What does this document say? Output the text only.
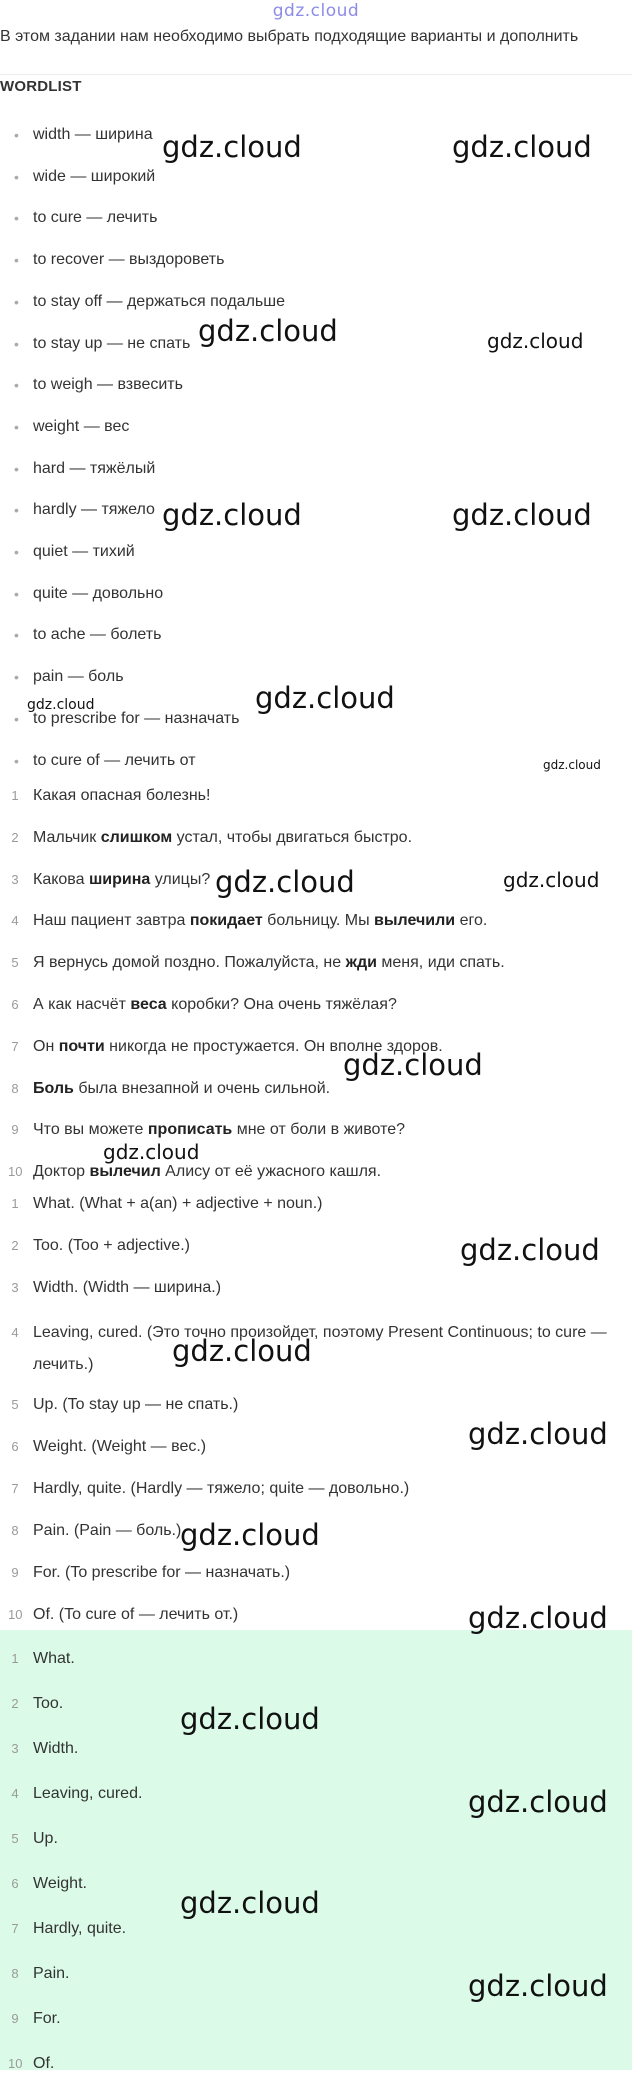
gdz.cloud
В этом задании нам необходимо выбрать подходящие варианты и дополнить
· · ·
WORDLIST
• width — ширина
• wide — широкий
• to cure — лечить
• to recover — выздороветь
• to stay off — держаться подальше
• to stay up — не спать
• to weigh — взвесить
• weight — вес
• hard — тяжёлый
• hardly — тяжело
• quiet — тихий
• quite — довольно
• to ache — болеть
• pain — боль
• to prescribe for — назначать
• to cure of — лечить от
1 Какая опасная болезнь!
2 Мальчик слишком устал, чтобы двигаться быстро.
3 Какова ширина улицы?
4 Наш пациент завтра покидает больницу. Мы вылечили его.
5 Я вернусь домой поздно. Пожалуйста, не жди меня, иди спать.
6 А как насчёт веса коробки? Она очень тяжёлая?
7 Он почти никогда не простужается. Он вполне здоров.
8 Боль была внезапной и очень сильной.
9 Что вы можете прописать мне от боли в животе?
10 Доктор вылечил Алису от её ужасного кашля.
1 What. (What + a(an) + adjective + noun.)
2 Too. (Too + adjective.)
3 Width. (Width — ширина.)
4 Leaving, cured. (Это точно произойдет, поэтому Present Continuous; to cure — лечить.)
5 Up. (To stay up — не спать.)
6 Weight. (Weight — вес.)
7 Hardly, quite. (Hardly — тяжело; quite — довольно.)
8 Pain. (Pain — боль.)
9 For. (To prescribe for — назначать.)
10 Of. (To cure of — лечить от.)
1 What.
2 Too.
3 Width.
4 Leaving, cured.
5 Up.
6 Weight.
7 Hardly, quite.
8 Pain.
9 For.
10 Of.
gdz.cloud	gdz.cloud
gdz.cloud	gdz.cloud
gdz.cloud	gdz.cloud
gdz.cloud	gdz.cloud
gdz.cloud
gdz.cloud	gdz.cloud
gdz.cloud
gdz.cloud
gdz.cloud
gdz.cloud
gdz.cloud
gdz.cloud
gdz.cloud
gdz.cloud
gdz.cloud
gdz.cloud
gdz.cloud
